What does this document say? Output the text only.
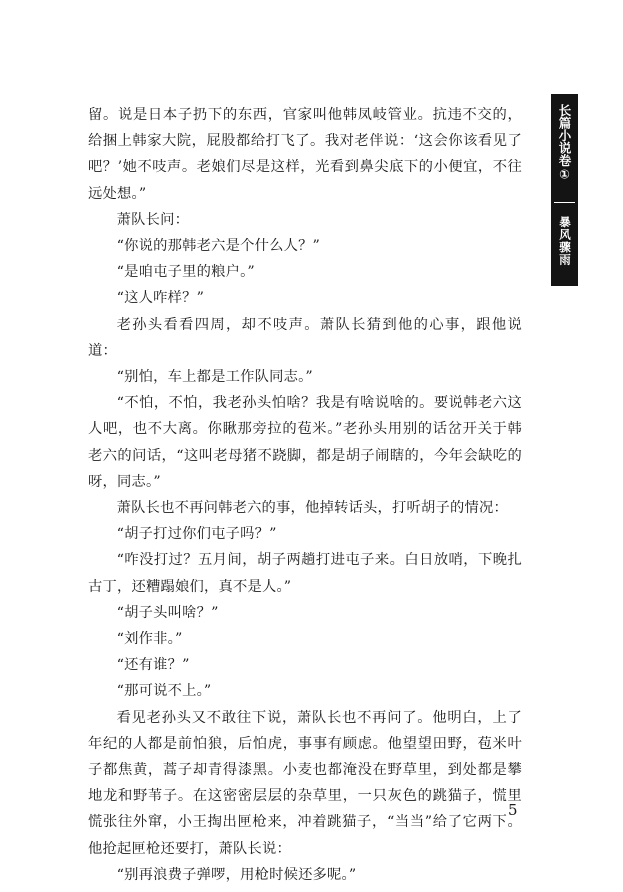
长篇小说卷①
暴风骤雨

留。说是日本子扔下的东西，官家叫他韩凤岐管业。抗违不交的，给捆上韩家大院，屁股都给打飞了。我对老伴说：‘这会你该看见了吧？’她不吱声。老娘们尽是这样，光看到鼻尖底下的小便宜，不往远处想。”

萧队长问：

“你说的那韩老六是个什么人？”

“是咱屯子里的粮户。”

“这人咋样？”

老孙头看看四周，却不吱声。萧队长猜到他的心事，跟他说道：

“别怕，车上都是工作队同志。”

“不怕，不怕，我老孙头怕啥？我是有啥说啥的。要说韩老六这人吧，也不大离。你瞅那旁拉的苞米。”老孙头用别的话岔开关于韩老六的问话，“这叫老母猪不跷脚，都是胡子闹瞎的，今年会缺吃的呀，同志。”

萧队长也不再问韩老六的事，他掉转话头，打听胡子的情况：

“胡子打过你们屯子吗？”

“咋没打过？五月间，胡子两趟打进屯子来。白日放哨，下晚扎古丁，还糟蹋娘们，真不是人。”

“胡子头叫啥？”

“刘作非。”

“还有谁？”

“那可说不上。”

看见老孙头又不敢往下说，萧队长也不再问了。他明白，上了年纪的人都是前怕狼，后怕虎，事事有顾虑。他望望田野，苞米叶子都焦黄，蒿子却青得漆黑。小麦也都淹没在野草里，到处都是攀地龙和野苇子。在这密密层层的杂草里，一只灰色的跳猫子，慌里慌张往外窜，小王掏出匣枪来，冲着跳猫子，“当当”给了它两下。他抢起匣枪还要打，萧队长说：

“别再浪费子弹啰，用枪时候还多呢。”

5
